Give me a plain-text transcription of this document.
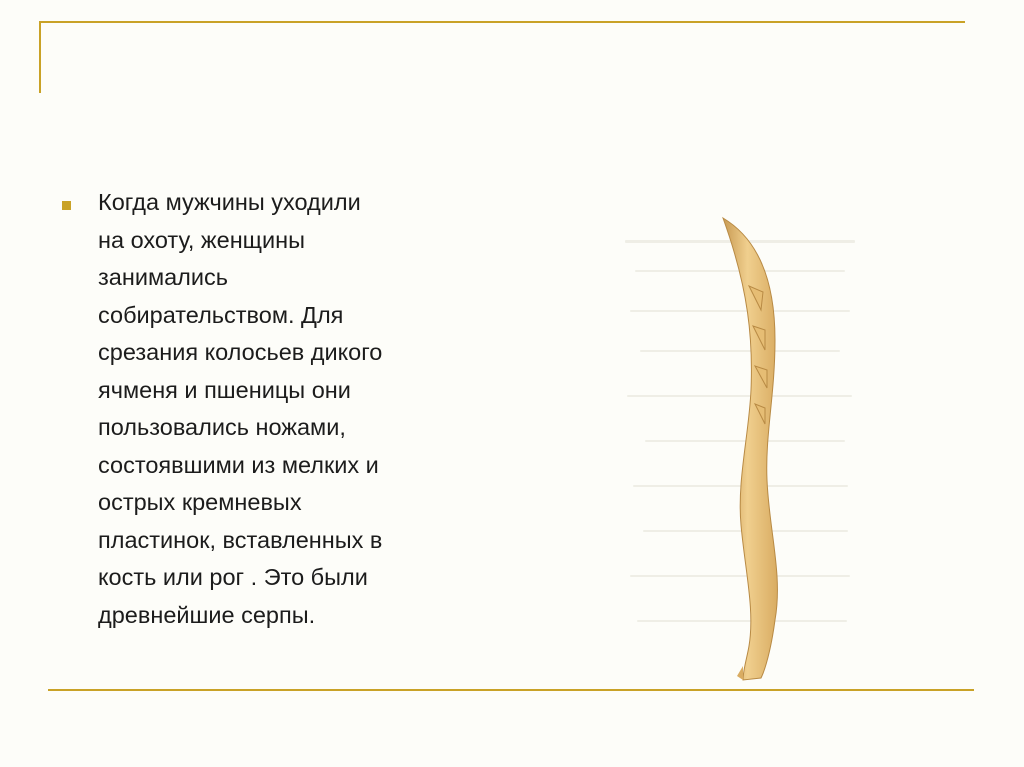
Когда мужчины уходили
на охоту, женщины
занимались
собирательством. Для
срезания колосьев дикого
ячменя и пшеницы они
пользовались ножами,
состоявшими из мелких и
острых кремневых
пластинок, вставленных в
кость или рог . Это были
древнейшие серпы.
